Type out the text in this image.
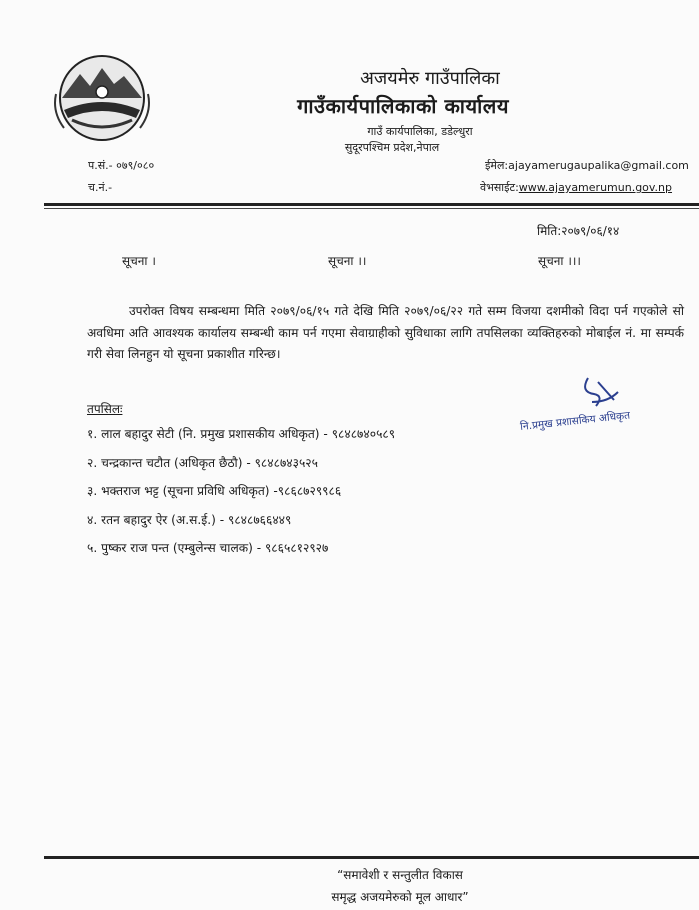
अजयमेरु गाउँपालिका
गाउँकार्यपालिकाको कार्यालय
गाउँ कार्यपालिका, डडेल्धुरा
सुदूरपश्चिम प्रदेश,नेपाल
प.सं.- ०७९/०८०
च.नं.-
ईमेल:ajayamerugaupalika@gmail.com
वेभसाईट:www.ajayamerumun.gov.np
मिति:२०७९/०६/१४
सूचना ।	सूचना ।।	सूचना ।।।
उपरोक्त विषय सम्बन्धमा मिति २०७९/०६/१५ गते देखि मिति २०७९/०६/२२ गते सम्म विजया दशमीको विदा पर्न गएकोले सो अवधिमा अति आवश्यक कार्यालय सम्बन्धी काम पर्न गएमा सेवाग्राहीको सुविधाका लागि तपसिलका व्यक्तिहरुको मोबाईल नं. मा सम्पर्क गरी सेवा लिनहुन यो सूचना प्रकाशीत गरिन्छ।
नि.प्रमुख प्रशासकिय अधिकृत
तपसिलः
१. लाल बहादुर सेटी (नि. प्रमुख प्रशासकीय अधिकृत) - ९८४८७४०५८९
२. चन्द्रकान्त चटौत (अधिकृत छैठौ) - ९८४८७४३५२५
३. भक्तराज भट्ट (सूचना प्रविधि अधिकृत) -९८६८७२९९८६
४. रतन बहादुर ऐर (अ.स.ई.) - ९८४८७६६४४९
५. पुष्कर राज पन्त (एम्बुलेन्स चालक) - ९८६५८१२९२७
“समावेशी र सन्तुलीत विकास
समृद्ध अजयमेरुको मूल आधार”
